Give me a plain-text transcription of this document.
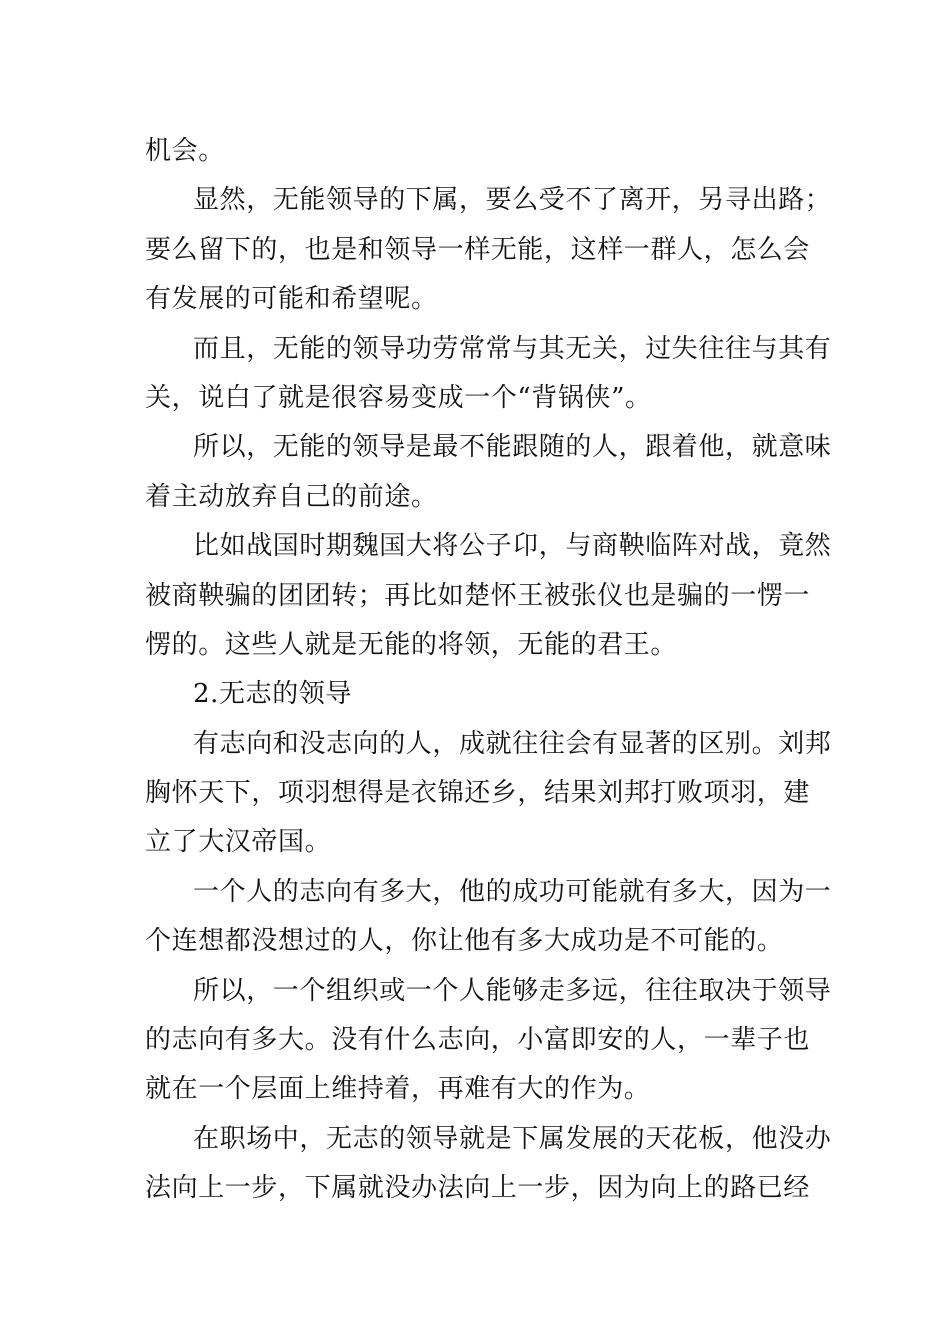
机会。
显然，无能领导的下属，要么受不了离开，另寻出路；
要么留下的，也是和领导一样无能，这样一群人，怎么会
有发展的可能和希望呢。
而且，无能的领导功劳常常与其无关，过失往往与其有
关，说白了就是很容易变成一个“背锅侠”。
所以，无能的领导是最不能跟随的人，跟着他，就意味
着主动放弃自己的前途。
比如战国时期魏国大将公子卬，与商鞅临阵对战，竟然
被商鞅骗的团团转；再比如楚怀王被张仪也是骗的一愣一
愣的。这些人就是无能的将领，无能的君王。
2.无志的领导
有志向和没志向的人，成就往往会有显著的区别。刘邦
胸怀天下，项羽想得是衣锦还乡，结果刘邦打败项羽，建
立了大汉帝国。
一个人的志向有多大，他的成功可能就有多大，因为一
个连想都没想过的人，你让他有多大成功是不可能的。
所以，一个组织或一个人能够走多远，往往取决于领导
的志向有多大。没有什么志向，小富即安的人，一辈子也
就在一个层面上维持着，再难有大的作为。
在职场中，无志的领导就是下属发展的天花板，他没办
法向上一步，下属就没办法向上一步，因为向上的路已经
